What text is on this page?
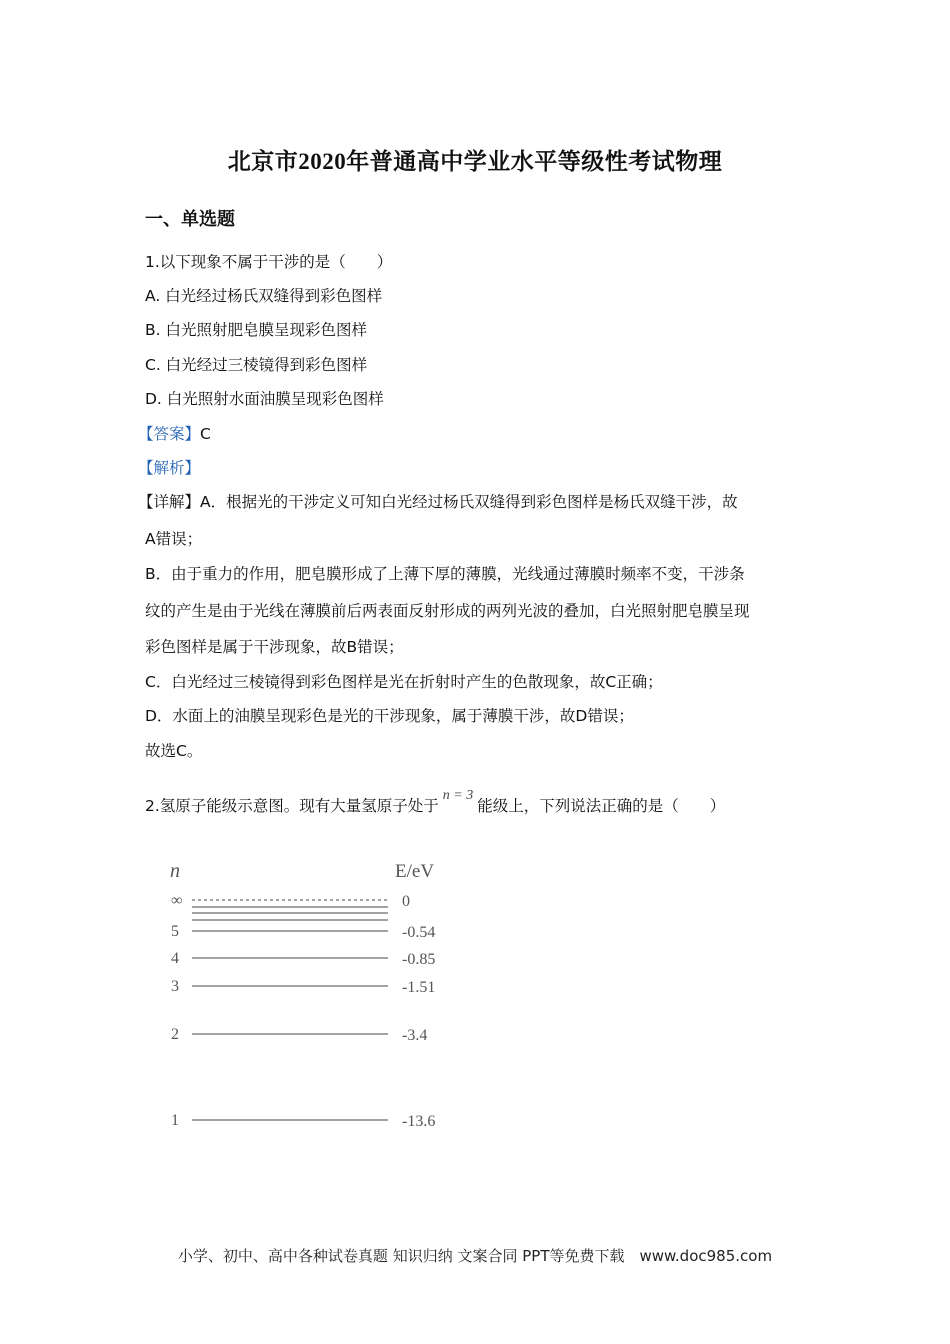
北京市2020年普通高中学业水平等级性考试物理
一、单选题
1.以下现象不属于干涉的是（　　）
A. 白光经过杨氏双缝得到彩色图样
B. 白光照射肥皂膜呈现彩色图样
C. 白光经过三棱镜得到彩色图样
D. 白光照射水面油膜呈现彩色图样
【答案】C
【解析】
【详解】A．根据光的干涉定义可知白光经过杨氏双缝得到彩色图样是杨氏双缝干涉，故
A错误；
B．由于重力的作用，肥皂膜形成了上薄下厚的薄膜，光线通过薄膜时频率不变，干涉条
纹的产生是由于光线在薄膜前后两表面反射形成的两列光波的叠加，白光照射肥皂膜呈现
彩色图样是属于干涉现象，故B错误；
C．白光经过三棱镜得到彩色图样是光在折射时产生的色散现象，故C正确；
D．水面上的油膜呈现彩色是光的干涉现象，属于薄膜干涉，故D错误；
故选C。
2.氢原子能级示意图。现有大量氢原子处于n = 3能级上，下列说法正确的是（　　）
n	E/eV
∞	0
5	-0.54
4	-0.85
3	-1.51
2	-3.4
1	-13.6
小学、初中、高中各种试卷真题 知识归纳 文案合同 PPT等免费下载　www.doc985.com
